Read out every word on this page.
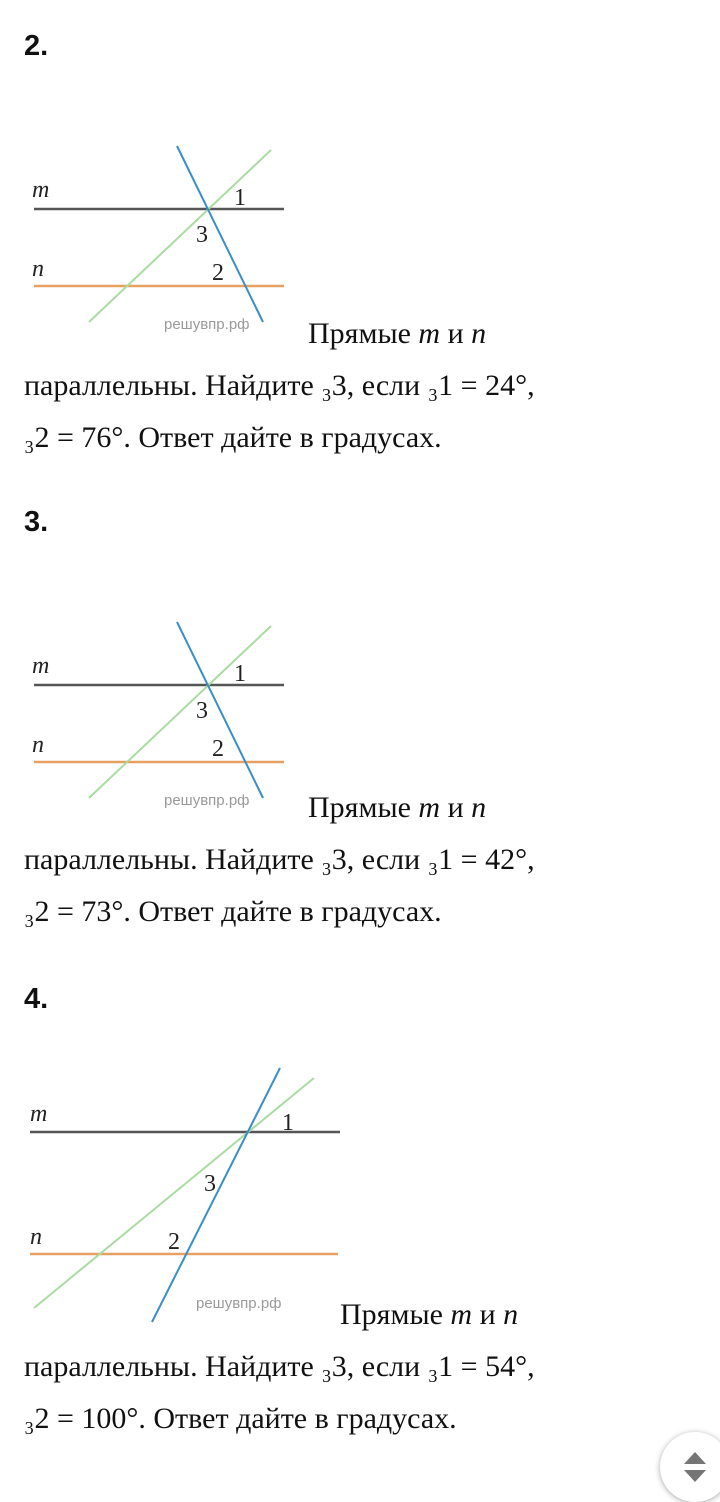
2.
m
n
1
3
2
решувпр.рф	Прямые m и n
параллельны. Найдите ₃3, если ₃1 = 24°,
₃2 = 76°. Ответ дайте в градусах.

3.
m
n
1
3
2
решувпр.рф	Прямые m и n
параллельны. Найдите ₃3, если ₃1 = 42°,
₃2 = 73°. Ответ дайте в градусах.

4.
m
n
1
3
2
решувпр.рф	Прямые m и n
параллельны. Найдите ₃3, если ₃1 = 54°,
₃2 = 100°. Ответ дайте в градусах.
